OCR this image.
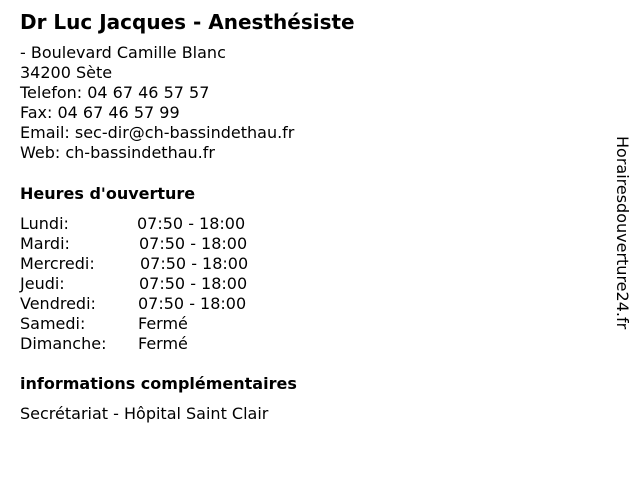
Dr Luc Jacques - Anesthésiste
- Boulevard Camille Blanc
34200 Sète
Telefon: 04 67 46 57 57
Fax: 04 67 46 57 99
Email: sec-dir@ch-bassindethau.fr
Web: ch-bassindethau.fr
Heures d'ouverture
Lundi:	07:50 - 18:00
Mardi:	07:50 - 18:00
Mercredi:	07:50 - 18:00
Jeudi:	07:50 - 18:00
Vendredi:	07:50 - 18:00
Samedi:	Fermé
Dimanche: Fermé
informations complémentaires
Secrétariat - Hôpital Saint Clair
Horairesdouverture24.fr
